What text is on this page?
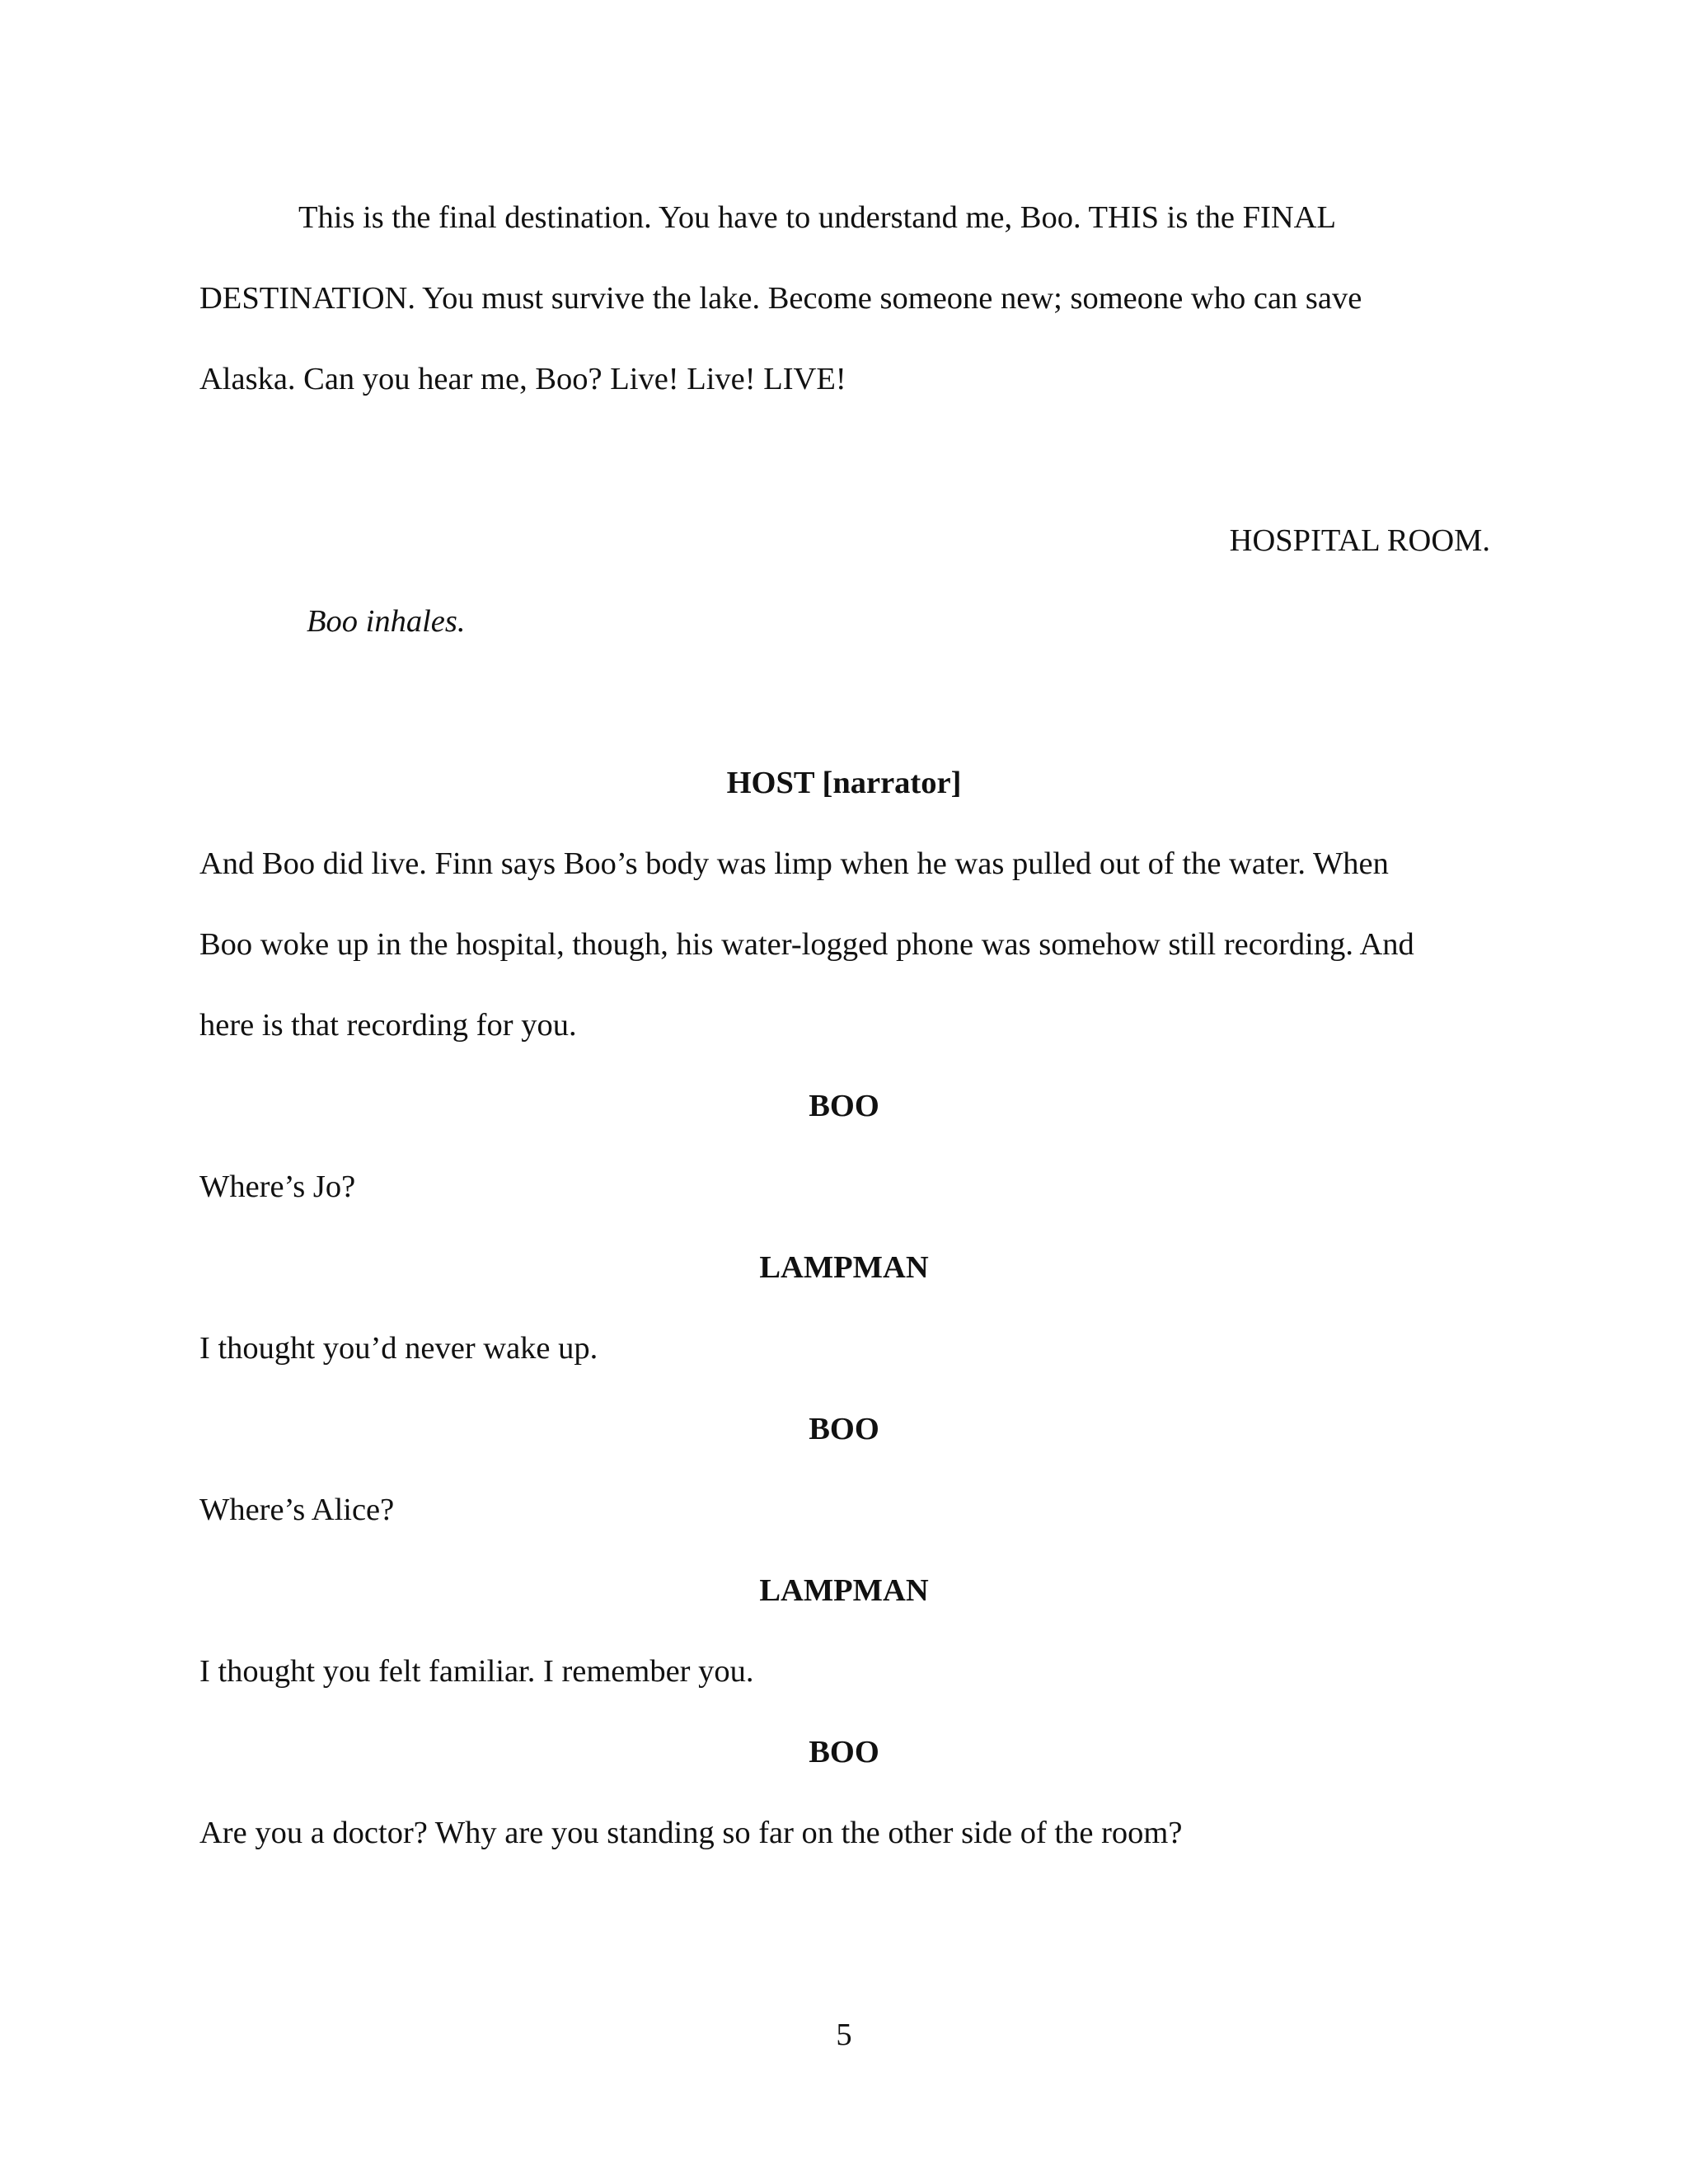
This is the final destination. You have to understand me, Boo. THIS is the FINAL
DESTINATION. You must survive the lake. Become someone new; someone who can save
Alaska. Can you hear me, Boo? Live! Live! LIVE!
HOSPITAL ROOM.
Boo inhales.
HOST [narrator]
And Boo did live. Finn says Boo’s body was limp when he was pulled out of the water. When
Boo woke up in the hospital, though, his water-logged phone was somehow still recording. And
here is that recording for you.
BOO
Where’s Jo?
LAMPMAN
I thought you’d never wake up.
BOO
Where’s Alice?
LAMPMAN
I thought you felt familiar. I remember you.
BOO
Are you a doctor? Why are you standing so far on the other side of the room?
5
